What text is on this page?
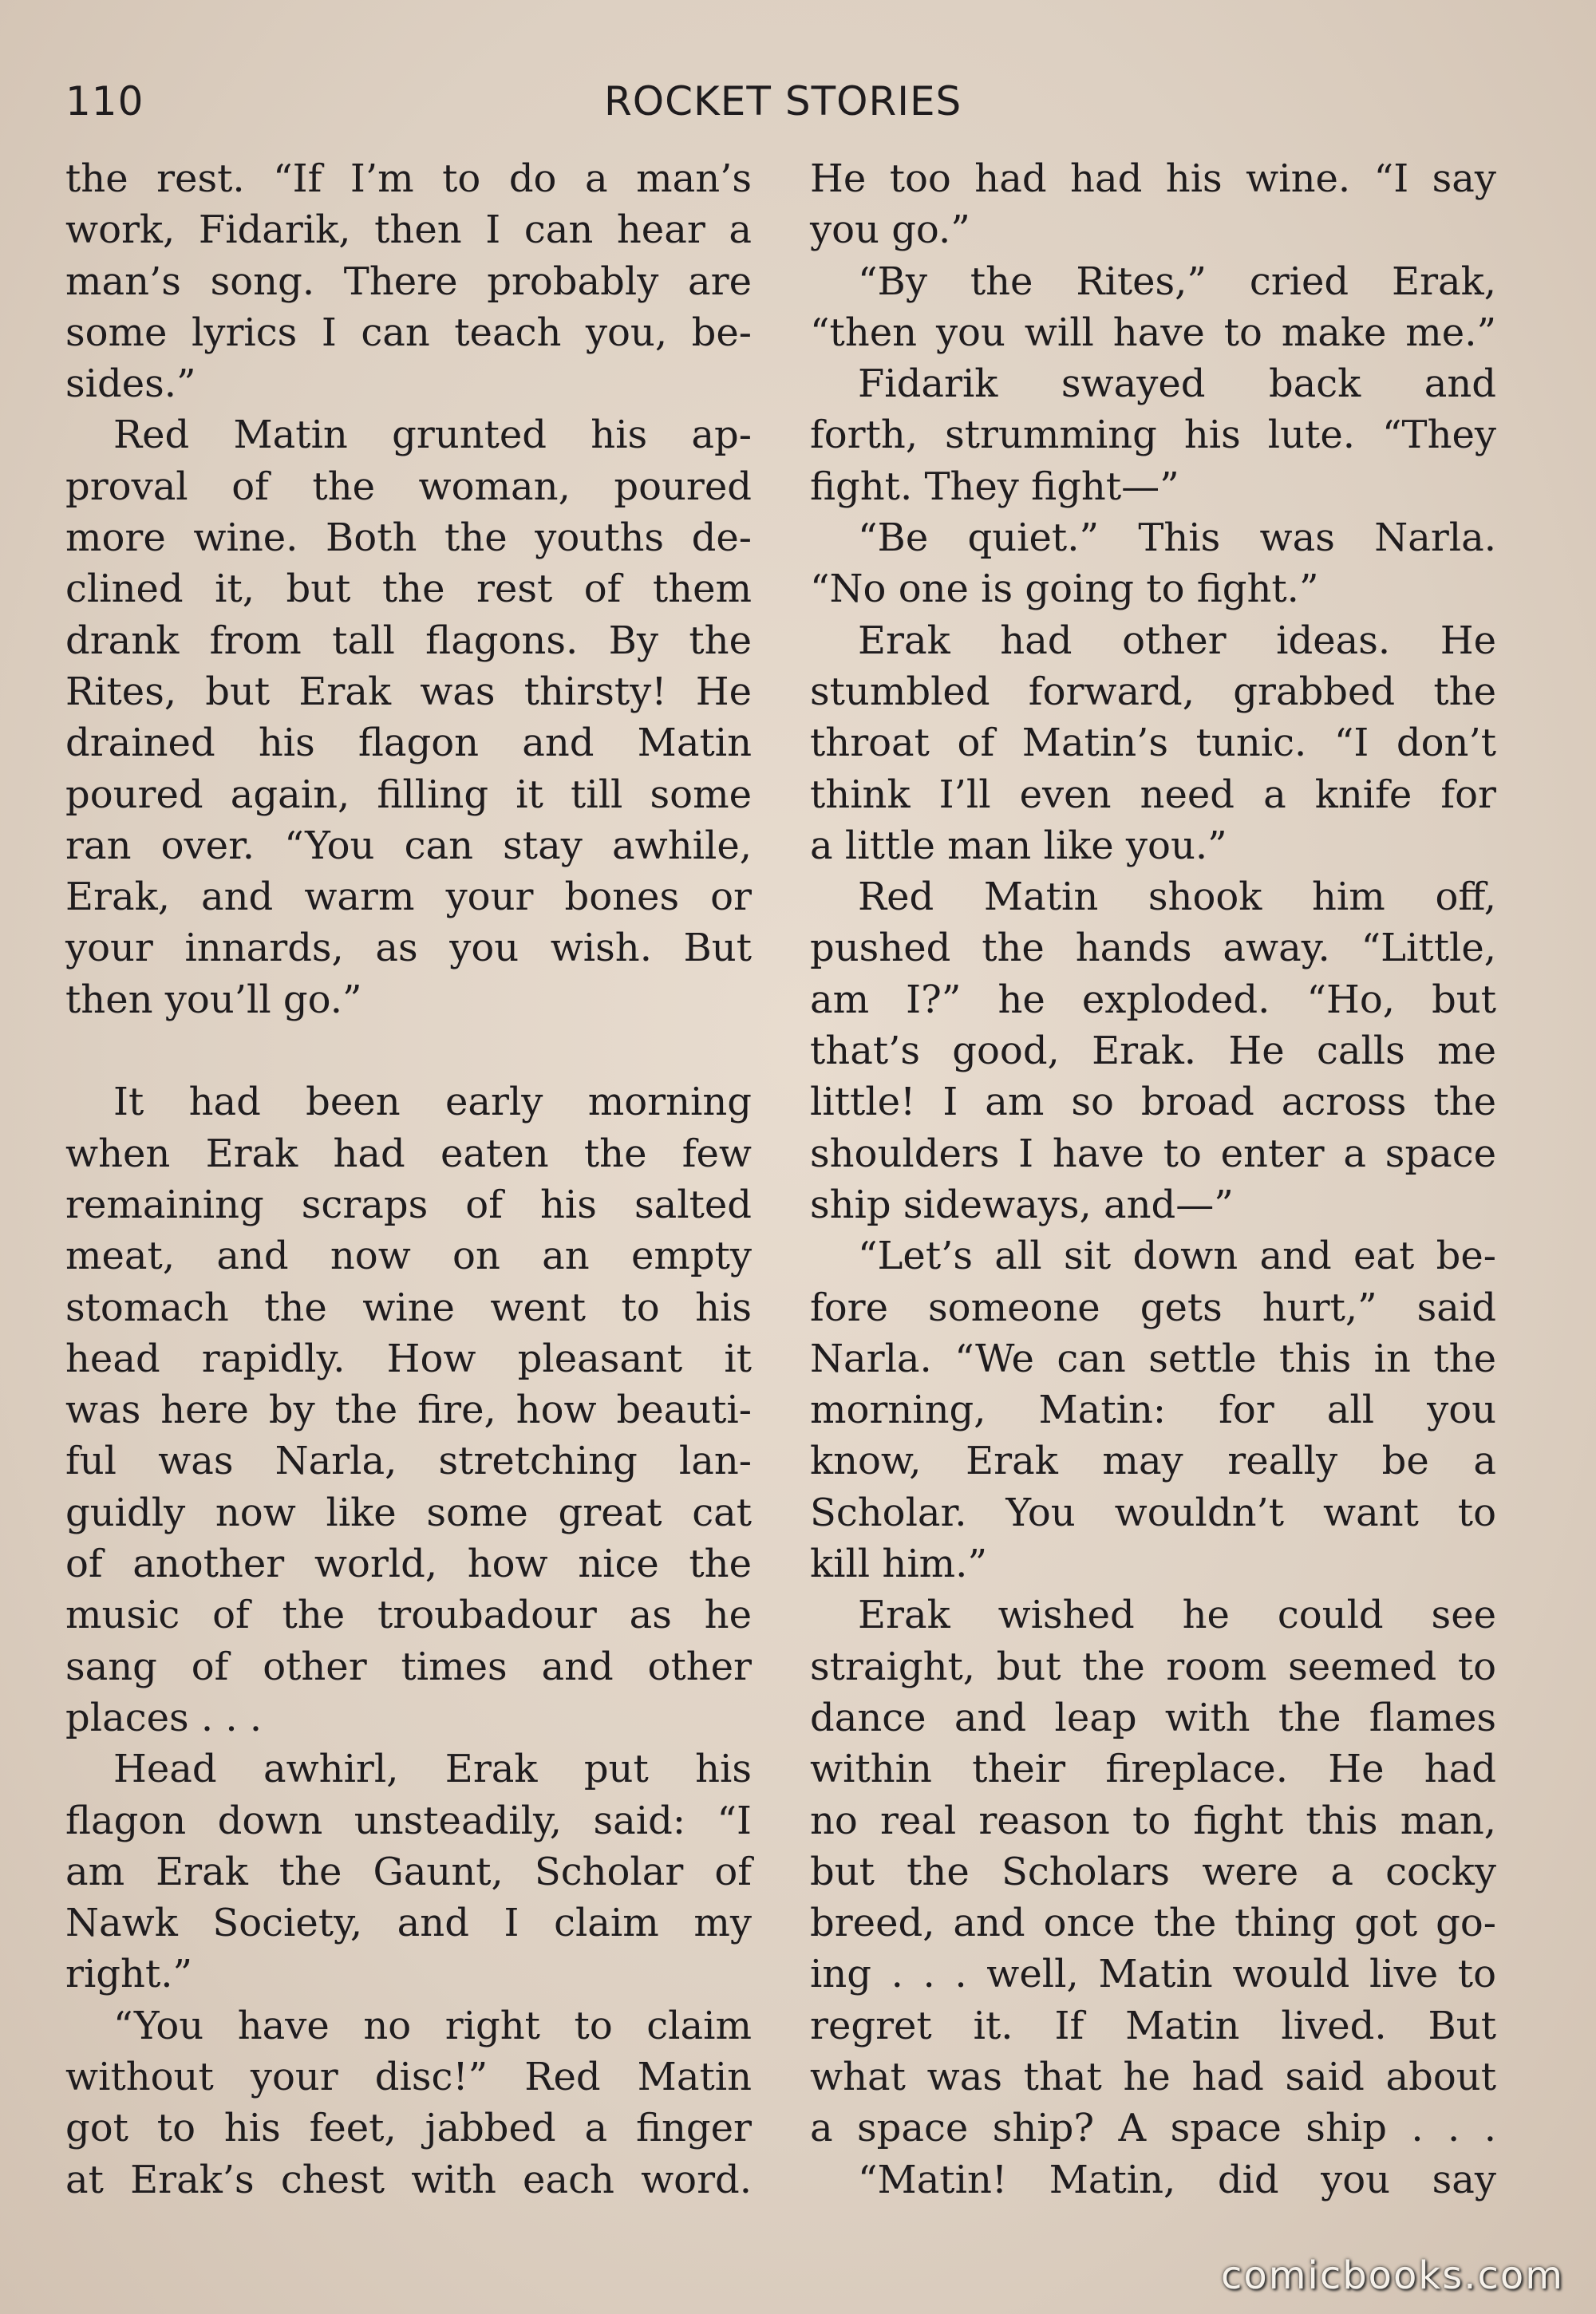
110	ROCKET STORIES
the rest. “If I’m to do a man’s
work, Fidarik, then I can hear a
man’s song. There probably are
some lyrics I can teach you, be-
sides.”
Red Matin grunted his ap-
proval of the woman, poured
more wine. Both the youths de-
clined it, but the rest of them
drank from tall flagons. By the
Rites, but Erak was thirsty! He
drained his flagon and Matin
poured again, filling it till some
ran over. “You can stay awhile,
Erak, and warm your bones or
your innards, as you wish. But
then you’ll go.”
It had been early morning
when Erak had eaten the few
remaining scraps of his salted
meat, and now on an empty
stomach the wine went to his
head rapidly. How pleasant it
was here by the fire, how beauti-
ful was Narla, stretching lan-
guidly now like some great cat
of another world, how nice the
music of the troubadour as he
sang of other times and other
places . . .
Head awhirl, Erak put his
flagon down unsteadily, said: “I
am Erak the Gaunt, Scholar of
Nawk Society, and I claim my
right.”
“You have no right to claim
without your disc!” Red Matin
got to his feet, jabbed a finger
at Erak’s chest with each word.
He too had had his wine. “I say
you go.”
“By the Rites,” cried Erak,
“then you will have to make me.”
Fidarik swayed back and
forth, strumming his lute. “They
fight. They fight—”
“Be quiet.” This was Narla.
“No one is going to fight.”
Erak had other ideas. He
stumbled forward, grabbed the
throat of Matin’s tunic. “I don’t
think I’ll even need a knife for
a little man like you.”
Red Matin shook him off,
pushed the hands away. “Little,
am I?” he exploded. “Ho, but
that’s good, Erak. He calls me
little! I am so broad across the
shoulders I have to enter a space
ship sideways, and—”
“Let’s all sit down and eat be-
fore someone gets hurt,” said
Narla. “We can settle this in the
morning, Matin: for all you
know, Erak may really be a
Scholar. You wouldn’t want to
kill him.”
Erak wished he could see
straight, but the room seemed to
dance and leap with the flames
within their fireplace. He had
no real reason to fight this man,
but the Scholars were a cocky
breed, and once the thing got go-
ing . . . well, Matin would live to
regret it. If Matin lived. But
what was that he had said about
a space ship? A space ship . . .
“Matin! Matin, did you say
comicbooks.com
